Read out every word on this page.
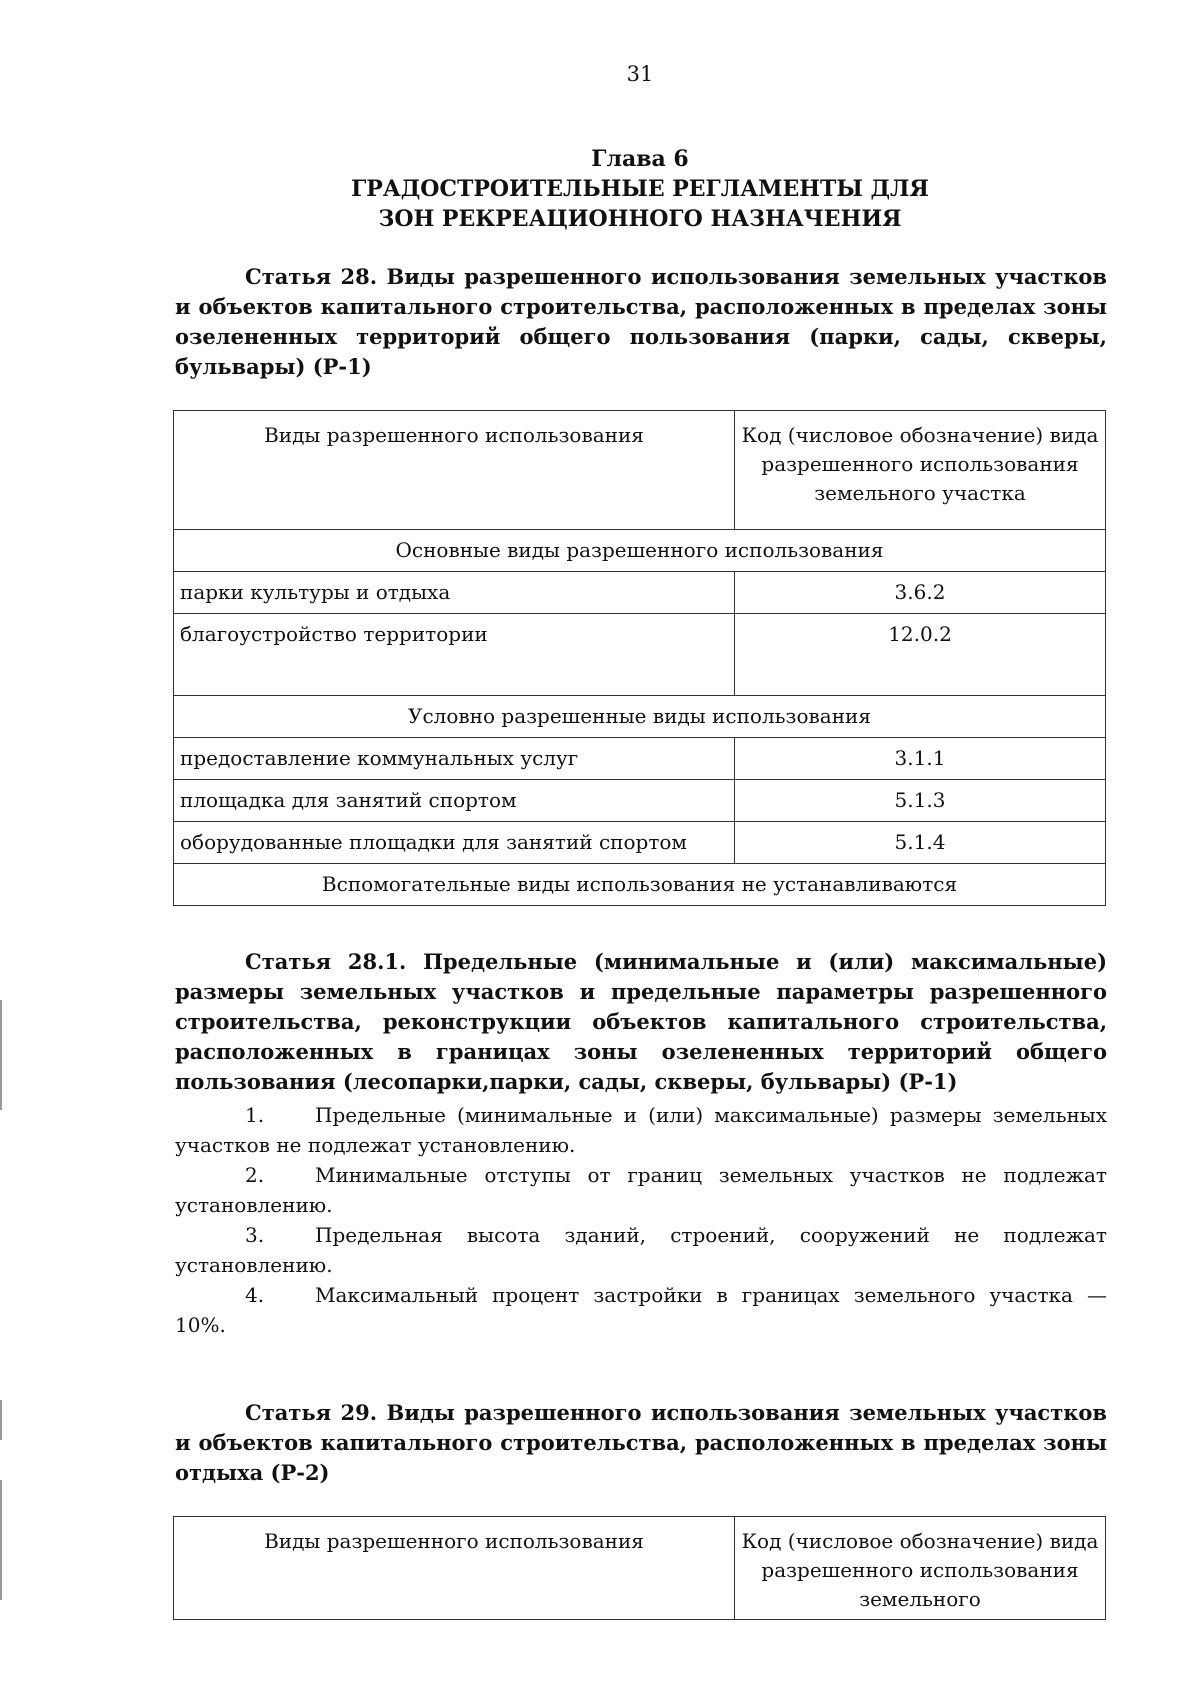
31
Глава 6
ГРАДОСТРОИТЕЛЬНЫЕ РЕГЛАМЕНТЫ ДЛЯ
ЗОН РЕКРЕАЦИОННОГО НАЗНАЧЕНИЯ

Статья 28. Виды разрешенного использования земельных участков и объектов капитального строительства, расположенных в пределах зоны озелененных территорий общего пользования (парки, сады, скверы, бульвары) (Р-1)

Виды разрешенного использования	Код (числовое обозначение) вида разрешенного использования земельного участка
Основные виды разрешенного использования	
парки культуры и отдыха	3.6.2
благоустройство территории	12.0.2
Условно разрешенные виды использования	
предоставление коммунальных услуг	3.1.1
площадка для занятий спортом	5.1.3
оборудованные площадки для занятий спортом	5.1.4
Вспомогательные виды использования не устанавливаются	

Статья 28.1. Предельные (минимальные и (или) максимальные) размеры земельных участков и предельные параметры разрешенного строительства, реконструкции объектов капитального строительства, расположенных в границах зоны озелененных территорий общего пользования (лесопарки,парки, сады, скверы, бульвары) (Р-1)

1.	Предельные (минимальные и (или) максимальные) размеры земельных участков не подлежат установлению.

2.	Минимальные отступы от границ земельных участков не подлежат установлению.

3.	Предельная высота зданий, строений, сооружений не подлежат установлению.

4.	Максимальный процент застройки в границах земельного участка — 10%.

Статья 29. Виды разрешенного использования земельных участков и объектов капитального строительства, расположенных в пределах зоны отдыха (Р-2)

Виды разрешенного использования	Код (числовое обозначение) вида разрешенного использования земельного
